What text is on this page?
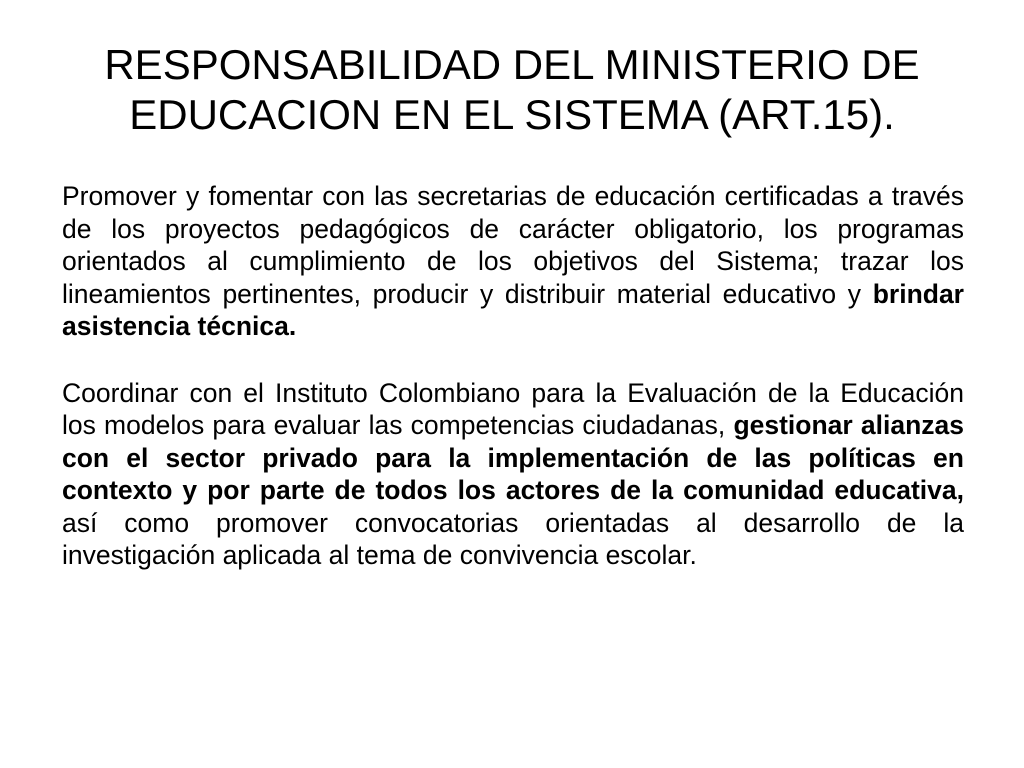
RESPONSABILIDAD DEL MINISTERIO DE
EDUCACION EN EL SISTEMA (ART.15).

Promover y fomentar con las secretarias de educación certificadas a través de los proyectos pedagógicos de carácter obligatorio, los programas orientados al cumplimiento de los objetivos del Sistema; trazar los lineamientos pertinentes, producir y distribuir material educativo y brindar asistencia técnica.

Coordinar con el Instituto Colombiano para la Evaluación de la Educación los modelos para evaluar las competencias ciudadanas, gestionar alianzas con el sector privado para la implementación de las políticas en contexto y por parte de todos los actores de la comunidad educativa, así como promover convocatorias orientadas al desarrollo de la investigación aplicada al tema de convivencia escolar.
